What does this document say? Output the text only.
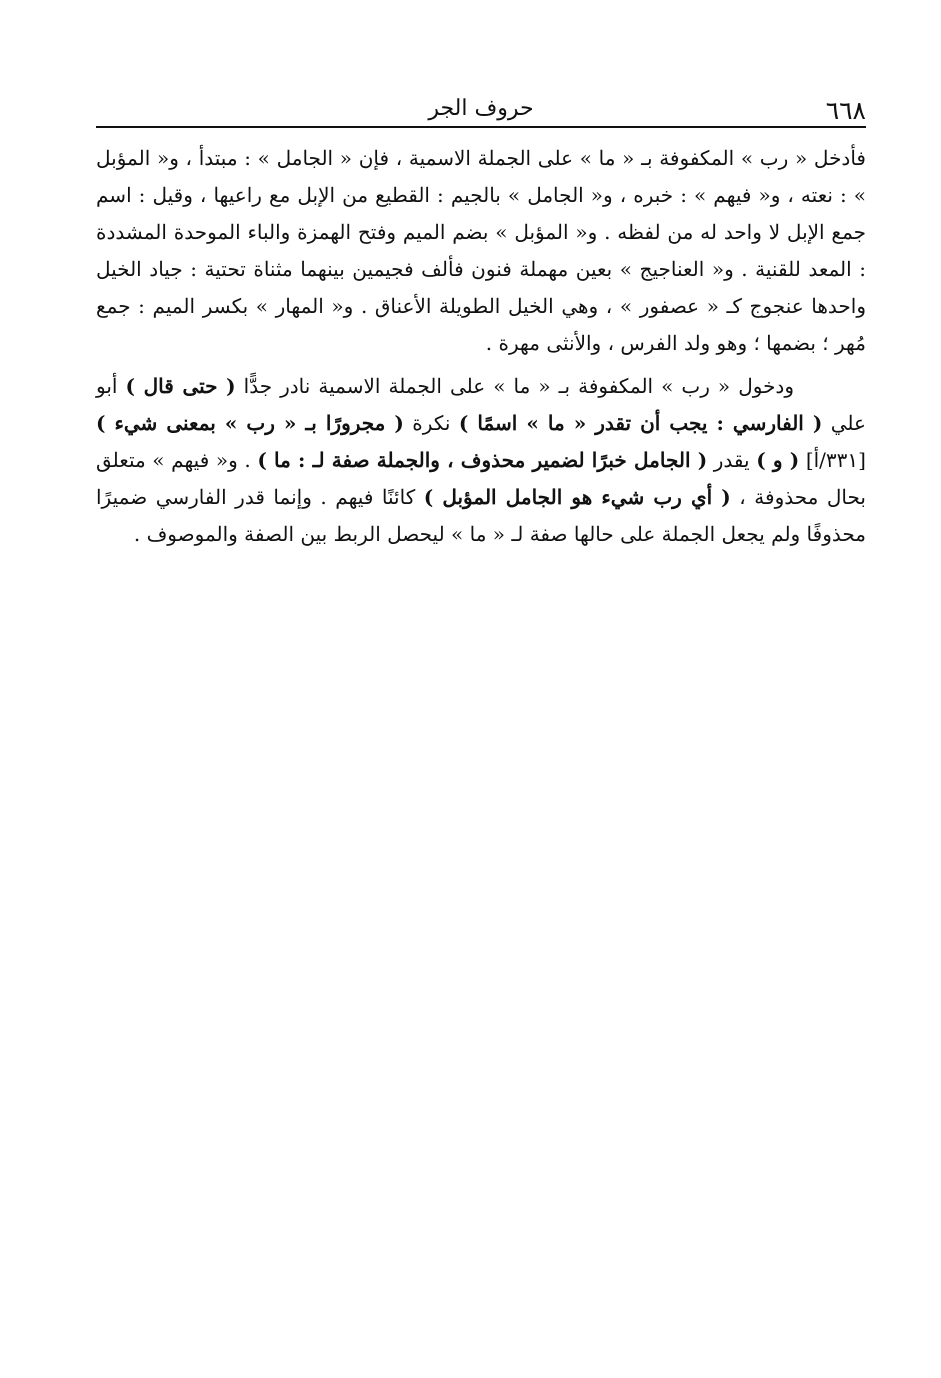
٦٦٨
حروف الجر

فأدخل « رب » المكفوفة بـ « ما » على الجملة الاسمية ، فإن « الجامل » : مبتدأ ، و« المؤبل » : نعته ، و« فيهم » : خبره ، و« الجامل » بالجيم : القطيع من الإبل مع راعيها ، وقيل : اسم جمع الإبل لا واحد له من لفظه . و« المؤبل » بضم الميم وفتح الهمزة والباء الموحدة المشددة : المعد للقنية . و« العناجيج » بعين مهملة فنون فألف فجيمين بينهما مثناة تحتية : جياد الخيل واحدها عنجوج كـ « عصفور » ، وهي الخيل الطويلة الأعناق . و« المهار » بكسر الميم : جمع مُهر ؛ بضمها ؛ وهو ولد الفرس ، والأنثى مهرة .

ودخول « رب » المكفوفة بـ « ما » على الجملة الاسمية نادر جدًّا ( حتى قال ) أبو علي ( الفارسي : يجب أن تقدر « ما » اسمًا ) نكرة ( مجرورًا بـ « رب » بمعنى شيء ) [٣٣١/أ] ( و ) يقدر ( الجامل خبرًا لضمير محذوف ، والجملة صفة لـ : ما ) . و« فيهم » متعلق بحال محذوفة ، ( أي رب شيء هو الجامل المؤبل ) كائنًا فيهم . وإنما قدر الفارسي ضميرًا محذوفًا ولم يجعل الجملة على حالها صفة لـ « ما » ليحصل الربط بين الصفة والموصوف .
